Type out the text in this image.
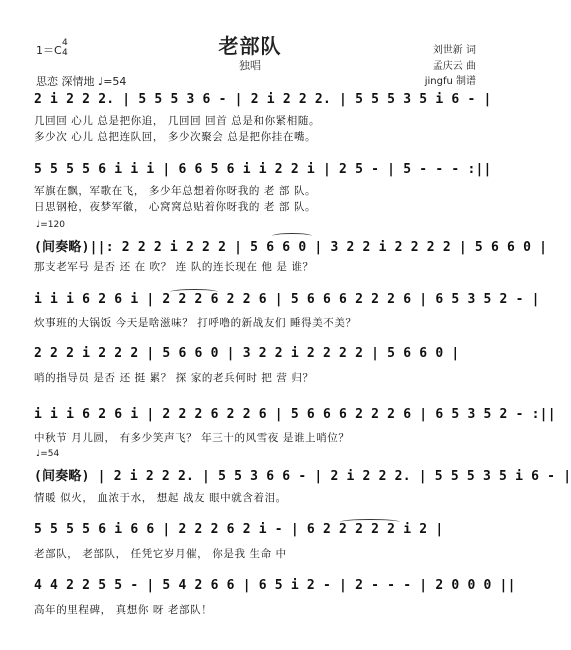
老部队
独唱
1＝C
4
4
思恋 深情地 ♩=54
刘世新 词
孟庆云 曲
jingfu 制谱
2 i 2 2 2. | 5 5 5 3 6 - | 2 i 2 2 2. | 5 5 5 3 5 i 6 - |
几回回 心儿 总是把你追， 几回回 回首 总是和你紧相随。
多少次 心儿 总把连队回， 多少次聚会 总是把你挂在嘴。
5 5 5 5 6 i i i | 6 6 5 6 i i 2 2 i | 2 5 - | 5 - - - :||
军旗在飘，军歌在飞， 多少年总想着你呀我的 老 部 队。
日思钢枪，夜梦军徽， 心窝窝总贴着你呀我的 老 部 队。
♩=120
(间奏略)||: 2 2 2 i 2 2 2 | 5 6 6 0 | 3 2 2 i 2 2 2 2 | 5 6 6 0 |
那支老军号 是否 还 在 吹？ 连 队的连长现在 他 是 谁？
i i i 6 2 6 i | 2 2 2 6 2 2 6 | 5 6 6 6 2 2 2 6 | 6 5 3 5 2 - |
炊事班的大锅饭 今天是啥滋味？ 打呼噜的新战友们 睡得美不美？
2 2 2 i 2 2 2 | 5 6 6 0 | 3 2 2 i 2 2 2 2 | 5 6 6 0 |
哨的指导员 是否 还 挺 累？ 探 家的老兵何时 把 营 归？
i i i 6 2 6 i | 2 2 2 6 2 2 6 | 5 6 6 6 2 2 2 6 | 6 5 3 5 2 - :||
中秋节 月儿圆， 有多少笑声飞？ 年三十的风雪夜 是谁上哨位？
♩=54
(间奏略) | 2 i 2 2 2. | 5 5 3 6 6 - | 2 i 2 2 2. | 5 5 5 3 5 i 6 - |
情暖 似火， 血浓于水， 想起 战友 眼中就含着泪。
5 5 5 5 6 i 6 6 | 2 2 2 6 2 i - | 6 2 2 2 2 2 i 2 |
老部队， 老部队， 任凭它岁月催， 你是我 生命 中
4 4 2 2 5 5 - | 5 4 2 6 6 | 6 5 i 2 - | 2 - - - | 2 0 0 0 ||
高年的里程碑， 真想你 呀 老部队！
